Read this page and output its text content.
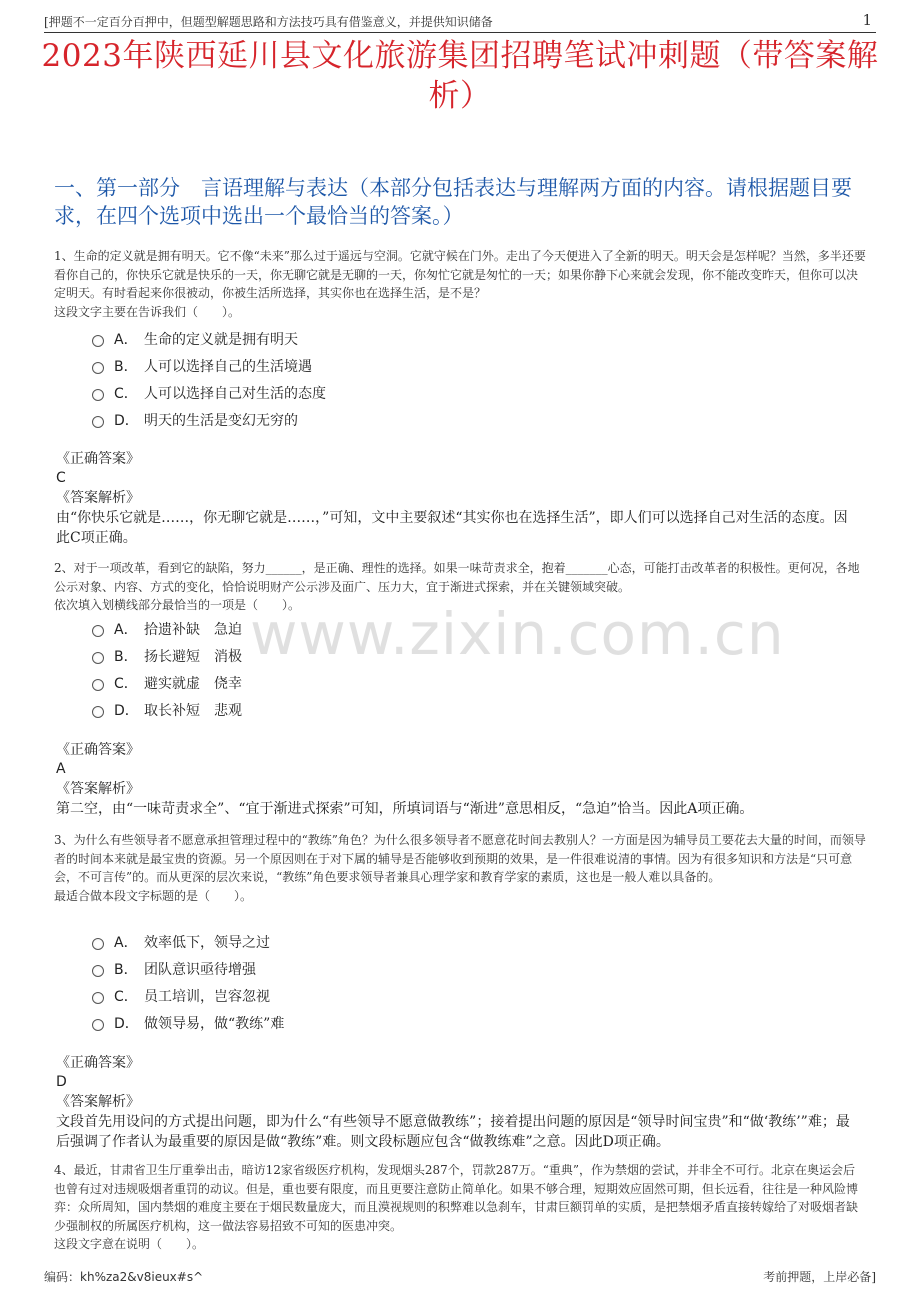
[押题不一定百分百押中，但题型解题思路和方法技巧具有借鉴意义，并提供知识储备	1
2023年陕西延川县文化旅游集团招聘笔试冲刺题（带答案解析）
一、第一部分　言语理解与表达（本部分包括表达与理解两方面的内容。请根据题目要求，在四个选项中选出一个最恰当的答案。）
www.zixin.com.cn
1、生命的定义就是拥有明天。它不像“未来”那么过于遥远与空洞。它就守候在门外。走出了今天便进入了全新的明天。明天会是怎样呢？当然，多半还要看你自己的，你快乐它就是快乐的一天，你无聊它就是无聊的一天，你匆忙它就是匆忙的一天；如果你静下心来就会发现，你不能改变昨天，但你可以决定明天。有时看起来你很被动，你被生活所选择，其实你也在选择生活，是不是？
这段文字主要在告诉我们（　　）。
A． 生命的定义就是拥有明天
B． 人可以选择自己的生活境遇
C． 人可以选择自己对生活的态度
D． 明天的生活是变幻无穷的
《正确答案》
C
《答案解析》
由“你快乐它就是……，你无聊它就是……，”可知，文中主要叙述“其实你也在选择生活”，即人们可以选择自己对生活的态度。因此C项正确。
2、对于一项改革，看到它的缺陷，努力______，是正确、理性的选择。如果一味苛责求全，抱着_______心态，可能打击改革者的积极性。更何况，各地公示对象、内容、方式的变化，恰恰说明财产公示涉及面广、压力大，宜于渐进式探索，并在关键领域突破。
依次填入划横线部分最恰当的一项是（　　）。
A． 拾遗补缺　急迫
B． 扬长避短　消极
C． 避实就虚　侥幸
D． 取长补短　悲观
《正确答案》
A
《答案解析》
第二空，由“一味苛责求全”、“宜于渐进式探索”可知，所填词语与“渐进”意思相反，“急迫”恰当。因此A项正确。
3、为什么有些领导者不愿意承担管理过程中的“教练”角色？为什么很多领导者不愿意花时间去教别人？一方面是因为辅导员工要花去大量的时间，而领导者的时间本来就是最宝贵的资源。另一个原因则在于对下属的辅导是否能够收到预期的效果，是一件很难说清的事情。因为有很多知识和方法是“只可意会，不可言传”的。而从更深的层次来说，“教练”角色要求领导者兼具心理学家和教育学家的素质，这也是一般人难以具备的。
最适合做本段文字标题的是（　　）。
A． 效率低下，领导之过
B． 团队意识亟待增强
C． 员工培训，岂容忽视
D． 做领导易，做“教练”难
《正确答案》
D
《答案解析》
文段首先用设问的方式提出问题，即为什么“有些领导不愿意做教练”；接着提出问题的原因是“领导时间宝贵”和“做‘教练’”难；最后强调了作者认为最重要的原因是做“教练”难。则文段标题应包含“做教练难”之意。因此D项正确。
4、最近，甘肃省卫生厅重拳出击，暗访12家省级医疗机构，发现烟头287个，罚款287万。“重典”，作为禁烟的尝试，并非全不可行。北京在奥运会后也曾有过对违规吸烟者重罚的动议。但是，重也要有限度，而且更要注意防止简单化。如果不够合理，短期效应固然可期，但长远看，往往是一种风险博弈：众所周知，国内禁烟的难度主要在于烟民数量庞大，而且漠视规则的积弊难以急刹车，甘肃巨额罚单的实质，是把禁烟矛盾直接转嫁给了对吸烟者缺少强制权的所属医疗机构，这一做法容易招致不可知的医患冲突。
这段文字意在说明（　　）。
编码：kh%za2&v8ieux#s^	考前押题，上岸必备]
